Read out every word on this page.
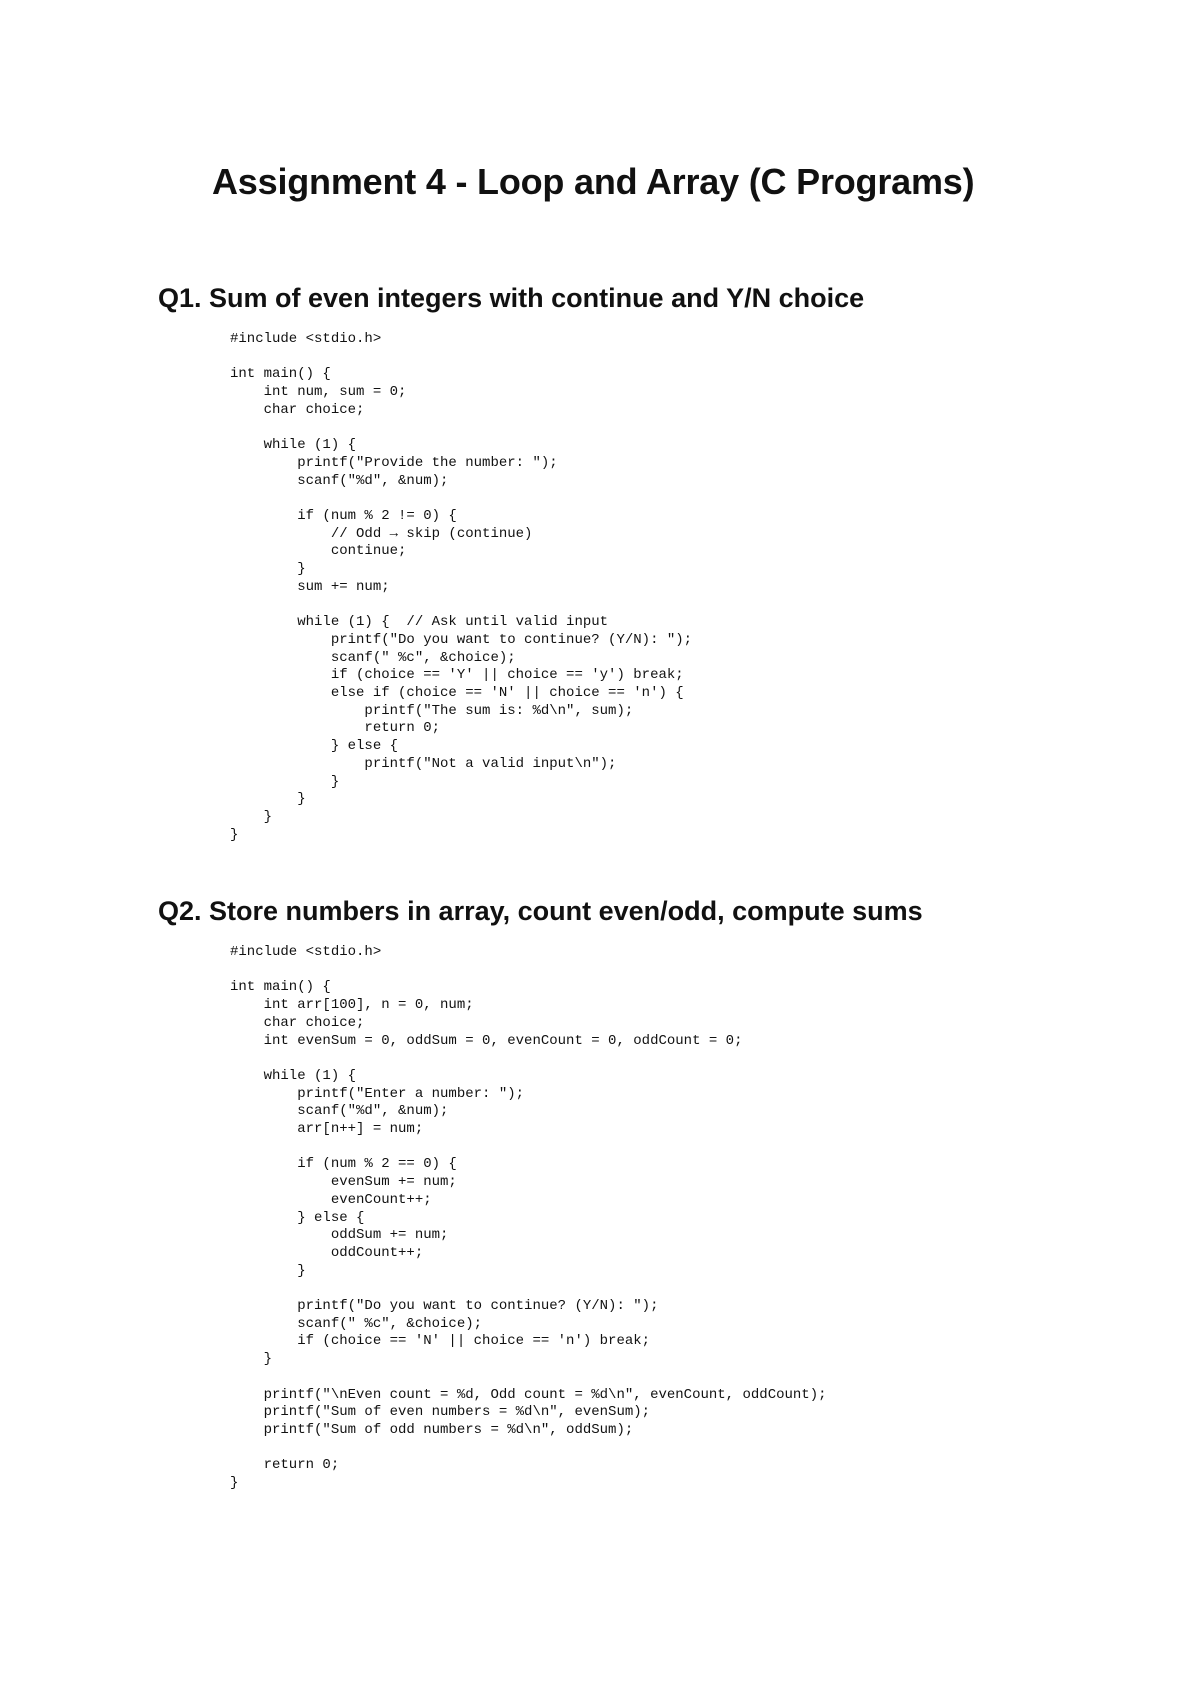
Assignment 4 - Loop and Array (C Programs)
Q1. Sum of even integers with continue and Y/N choice
#include <stdio.h>

int main() {
int num, sum = 0;
char choice;

while (1) {
printf("Provide the number: ");
scanf("%d", &num);

if (num % 2 != 0) {
// Odd → skip (continue)
continue;
}
sum += num;

while (1) {  // Ask until valid input
printf("Do you want to continue? (Y/N): ");
scanf(" %c", &choice);
if (choice == 'Y' || choice == 'y') break;
else if (choice == 'N' || choice == 'n') {
printf("The sum is: %d\n", sum);
return 0;
} else {
printf("Not a valid input\n");
}
}
}
}
Q2. Store numbers in array, count even/odd, compute sums
#include <stdio.h>

int main() {
int arr[100], n = 0, num;
char choice;
int evenSum = 0, oddSum = 0, evenCount = 0, oddCount = 0;

while (1) {
printf("Enter a number: ");
scanf("%d", &num);
arr[n++] = num;

if (num % 2 == 0) {
evenSum += num;
evenCount++;
} else {
oddSum += num;
oddCount++;
}

printf("Do you want to continue? (Y/N): ");
scanf(" %c", &choice);
if (choice == 'N' || choice == 'n') break;
}

printf("\nEven count = %d, Odd count = %d\n", evenCount, oddCount);
printf("Sum of even numbers = %d\n", evenSum);
printf("Sum of odd numbers = %d\n", oddSum);

return 0;
}
